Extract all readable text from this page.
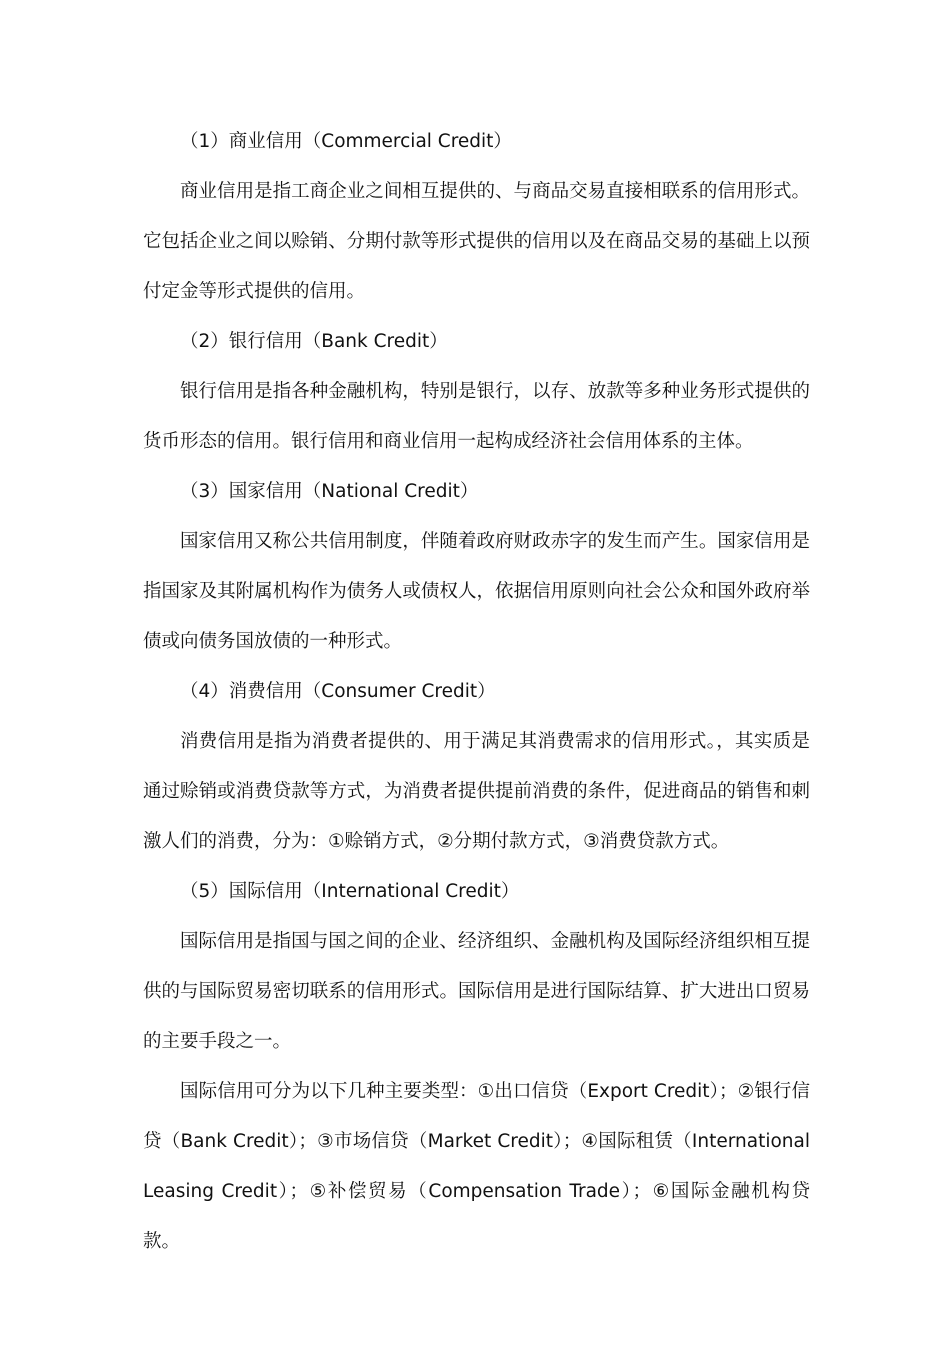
（1）商业信用（Commercial Credit）

商业信用是指工商企业之间相互提供的、与商品交易直接相联系的信用形式。它包括企业之间以赊销、分期付款等形式提供的信用以及在商品交易的基础上以预付定金等形式提供的信用。

（2）银行信用（Bank Credit）

银行信用是指各种金融机构，特别是银行，以存、放款等多种业务形式提供的货币形态的信用。银行信用和商业信用一起构成经济社会信用体系的主体。

（3）国家信用（National Credit）

国家信用又称公共信用制度，伴随着政府财政赤字的发生而产生。国家信用是指国家及其附属机构作为债务人或债权人，依据信用原则向社会公众和国外政府举债或向债务国放债的一种形式。

（4）消费信用（Consumer Credit）

消费信用是指为消费者提供的、用于满足其消费需求的信用形式。，其实质是通过赊销或消费贷款等方式，为消费者提供提前消费的条件，促进商品的销售和刺激人们的消费，分为：①赊销方式，②分期付款方式，③消费贷款方式。

（5）国际信用（International Credit）

国际信用是指国与国之间的企业、经济组织、金融机构及国际经济组织相互提供的与国际贸易密切联系的信用形式。国际信用是进行国际结算、扩大进出口贸易的主要手段之一。

国际信用可分为以下几种主要类型：①出口信贷（Export Credit）；②银行信贷（Bank Credit）；③市场信贷（Market Credit）；④国际租赁（International Leasing Credit）；⑤补偿贸易（Compensation Trade）；⑥国际金融机构贷款。
